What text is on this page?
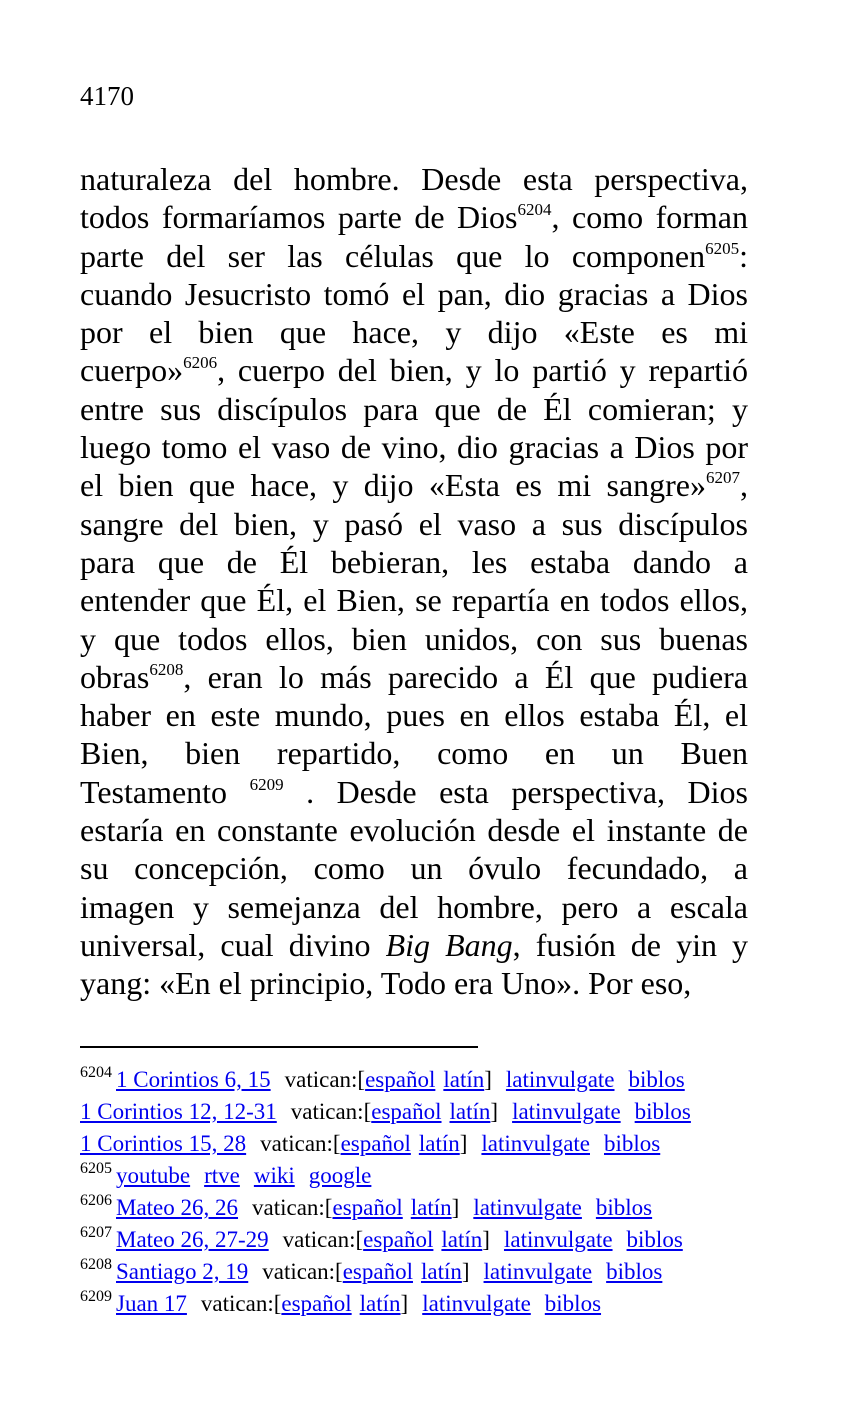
4170
naturaleza del hombre. Desde esta perspectiva,
todos formaríamos parte de Dios$^{6204}$, como forman
parte del ser las células que lo componen$^{6205}$:
cuando Jesucristo tomó el pan, dio gracias a Dios
por el bien que hace, y dijo «Este es mi
cuerpo»$^{6206}$, cuerpo del bien, y lo partió y repartió
entre sus discípulos para que de Él comieran; y
luego tomo el vaso de vino, dio gracias a Dios por
el bien que hace, y dijo «Esta es mi sangre»$^{6207}$,
sangre del bien, y pasó el vaso a sus discípulos
para que de Él bebieran, les estaba dando a
entender que Él, el Bien, se repartía en todos ellos,
y que todos ellos, bien unidos, con sus buenas
obras$^{6208}$, eran lo más parecido a Él que pudiera
haber en este mundo, pues en ellos estaba Él, el
Bien, bien repartido, como en un Buen
Testamento $^{6209}$ . Desde esta perspectiva, Dios
estaría en constante evolución desde el instante de
su concepción, como un óvulo fecundado, a
imagen y semejanza del hombre, pero a escala
universal, cual divino Big Bang, fusión de yin y
yang: «En el principio, Todo era Uno». Por eso,
$^{6204}$ 1 Corintios 6, 15 vatican:[español latín] latinvulgate biblos
1 Corintios 12, 12-31 vatican:[español latín] latinvulgate biblos
1 Corintios 15, 28 vatican:[español latín] latinvulgate biblos
$^{6205}$ youtube rtve wiki google
$^{6206}$ Mateo 26, 26 vatican:[español latín] latinvulgate biblos
$^{6207}$ Mateo 26, 27-29 vatican:[español latín] latinvulgate biblos
$^{6208}$ Santiago 2, 19 vatican:[español latín] latinvulgate biblos
$^{6209}$ Juan 17 vatican:[español latín] latinvulgate biblos
